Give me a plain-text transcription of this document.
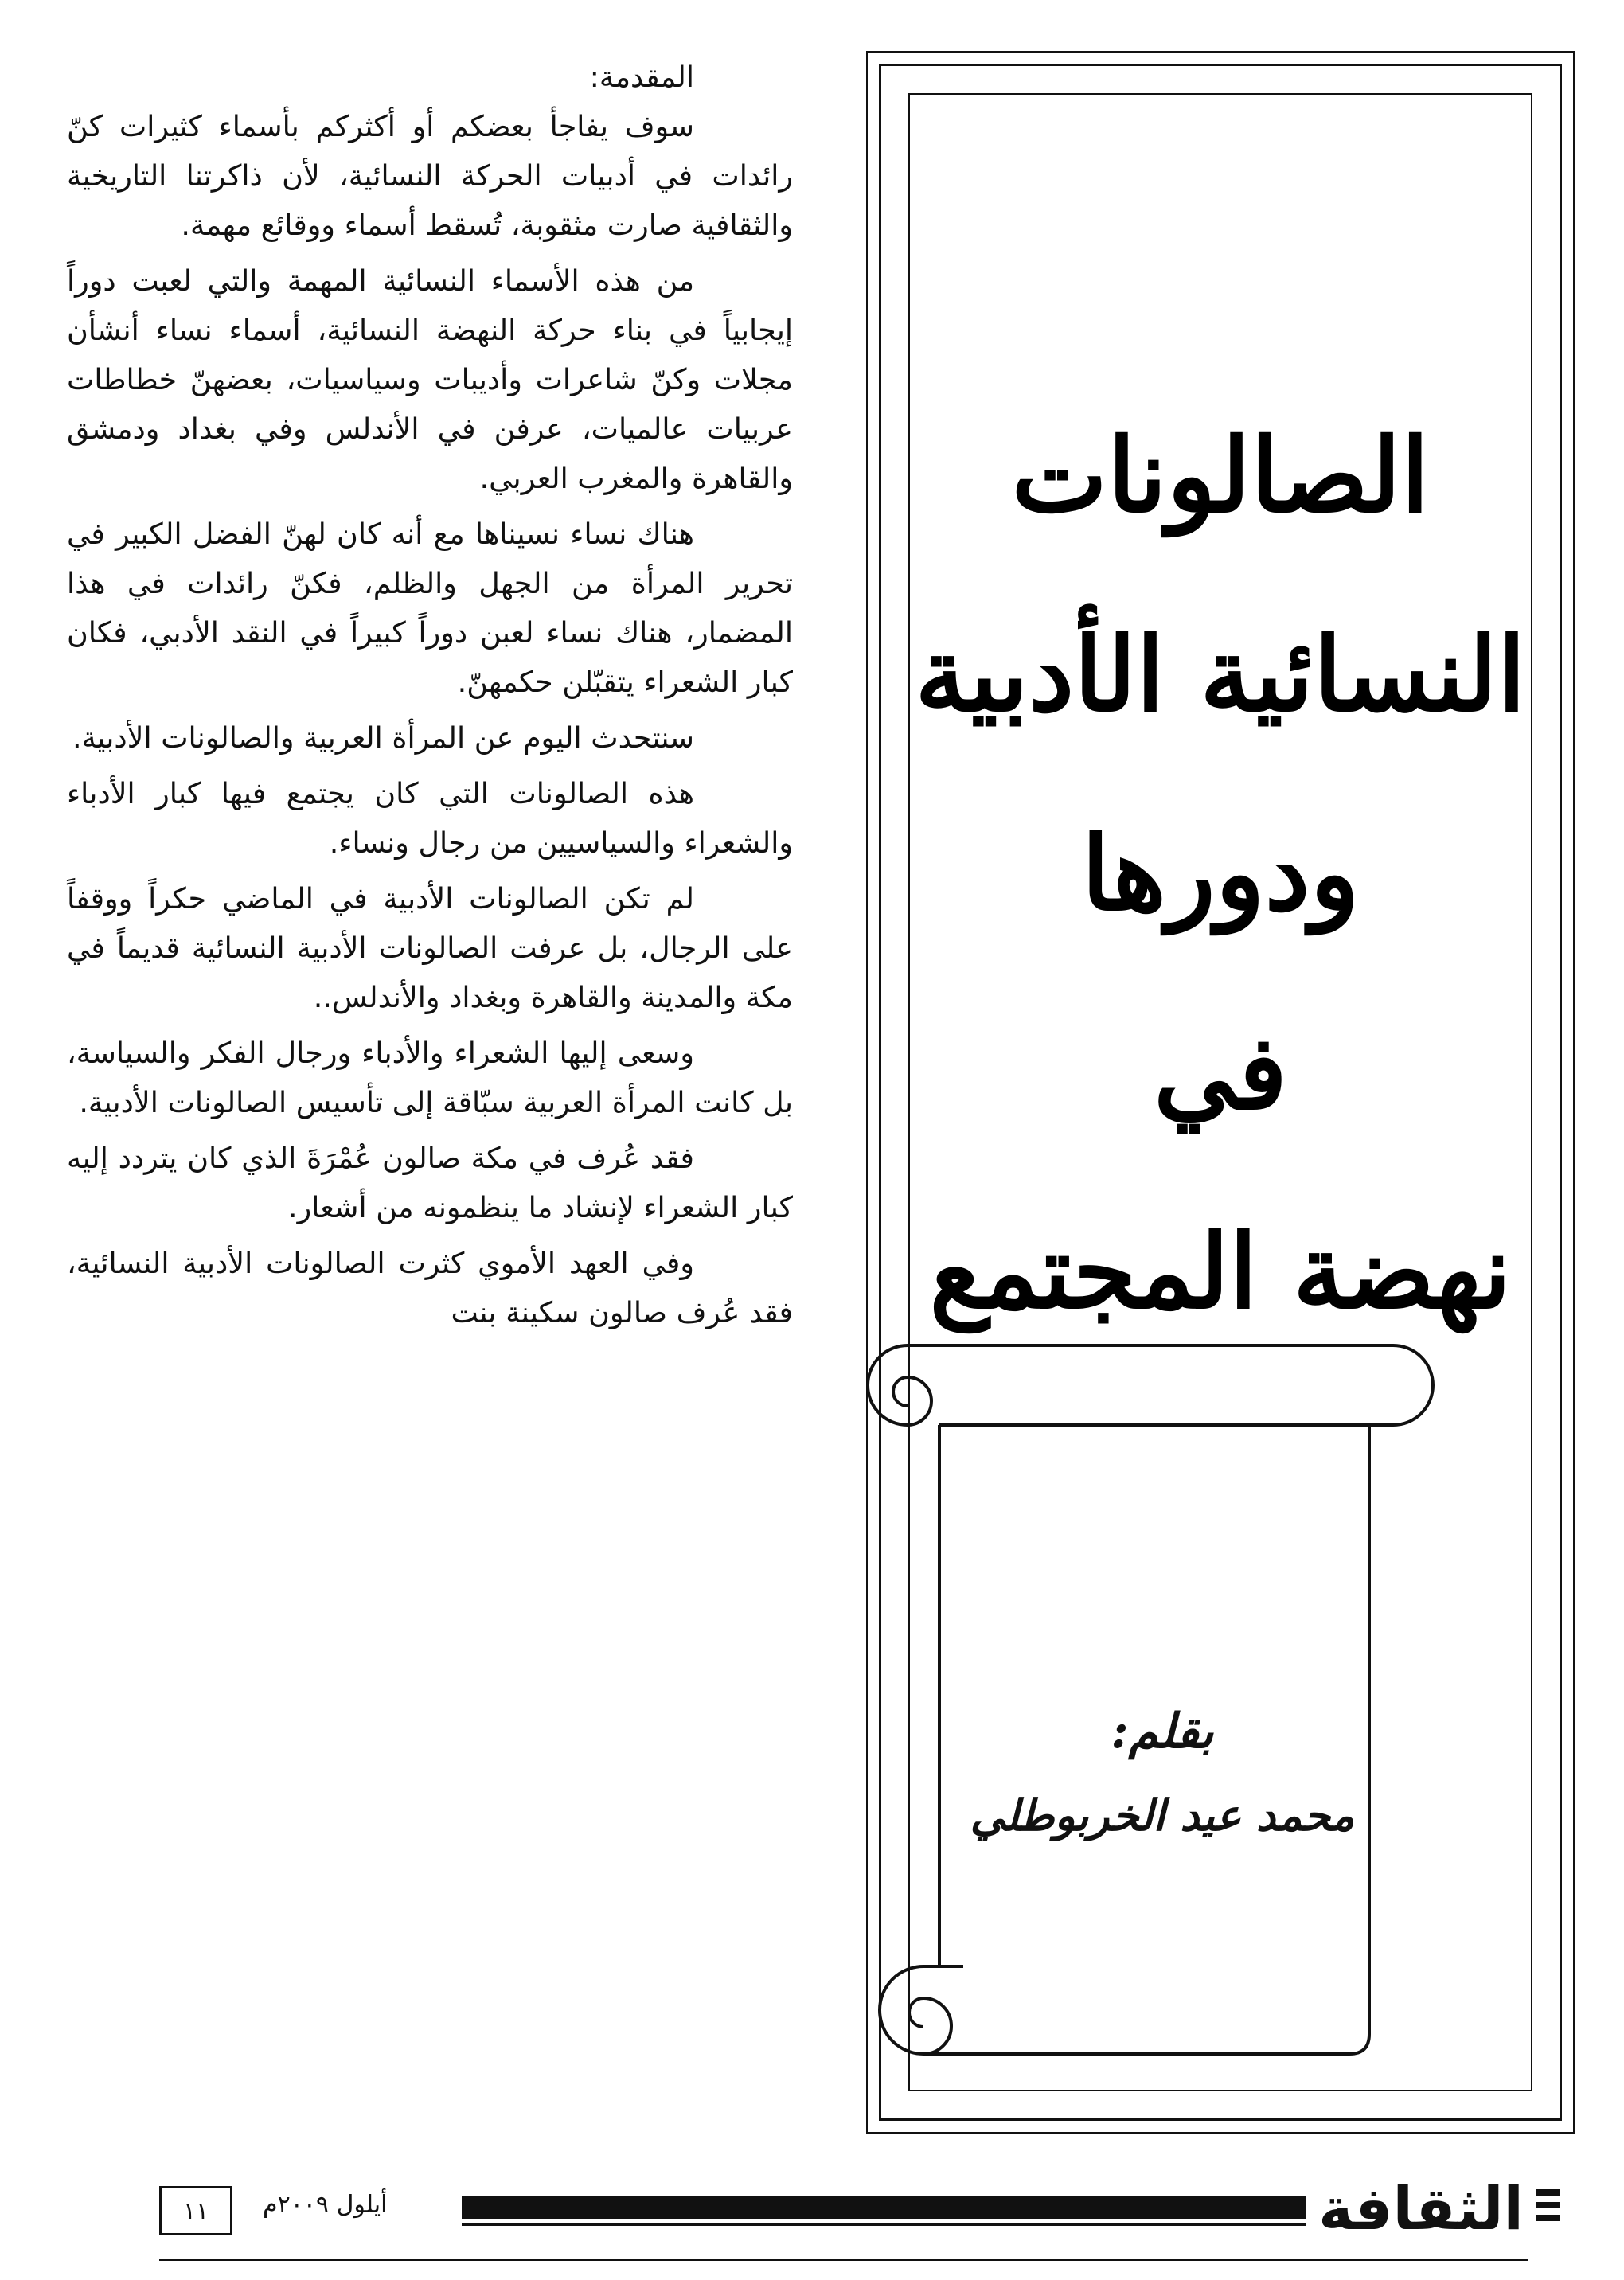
المقدمة:

سوف يفاجأ بعضكم أو أكثركم بأسماء كثيرات كنّ رائدات في أدبيات الحركة النسائية، لأن ذاكرتنا التاريخية والثقافية صارت مثقوبة، تُسقط أسماء ووقائع مهمة.

من هذه الأسماء النسائية المهمة والتي لعبت دوراً إيجابياً في بناء حركة النهضة النسائية، أسماء نساء أنشأن مجلات وكنّ شاعرات وأديبات وسياسيات، بعضهنّ خطاطات عربيات عالميات، عرفن في الأندلس وفي بغداد ودمشق والقاهرة والمغرب العربي.

هناك نساء نسيناها مع أنه كان لهنّ الفضل الكبير في تحرير المرأة من الجهل والظلم، فكنّ رائدات في هذا المضمار، هناك نساء لعبن دوراً كبيراً في النقد الأدبي، فكان كبار الشعراء يتقبّلن حكمهنّ.

سنتحدث اليوم عن المرأة العربية والصالونات الأدبية.

هذه الصالونات التي كان يجتمع فيها كبار الأدباء والشعراء والسياسيين من رجال ونساء.

لم تكن الصالونات الأدبية في الماضي حكراً ووقفاً على الرجال، بل عرفت الصالونات الأدبية النسائية قديماً في مكة والمدينة والقاهرة وبغداد والأندلس..

وسعى إليها الشعراء والأدباء ورجال الفكر والسياسة، بل كانت المرأة العربية سبّاقة إلى تأسيس الصالونات الأدبية.

فقد عُرف في مكة صالون عُمْرَةَ الذي كان يتردد إليه كبار الشعراء لإنشاد ما ينظمونه من أشعار.

وفي العهد الأموي كثرت الصالونات الأدبية النسائية، فقد عُرف صالون سكينة بنت

الصالونات
النسائية الأدبية
ودورها
في
نهضة المجتمع
بقلم:
محمد عيد الخربوطلي
١١	أيلول ٢٠٠٩م	الثقافة
